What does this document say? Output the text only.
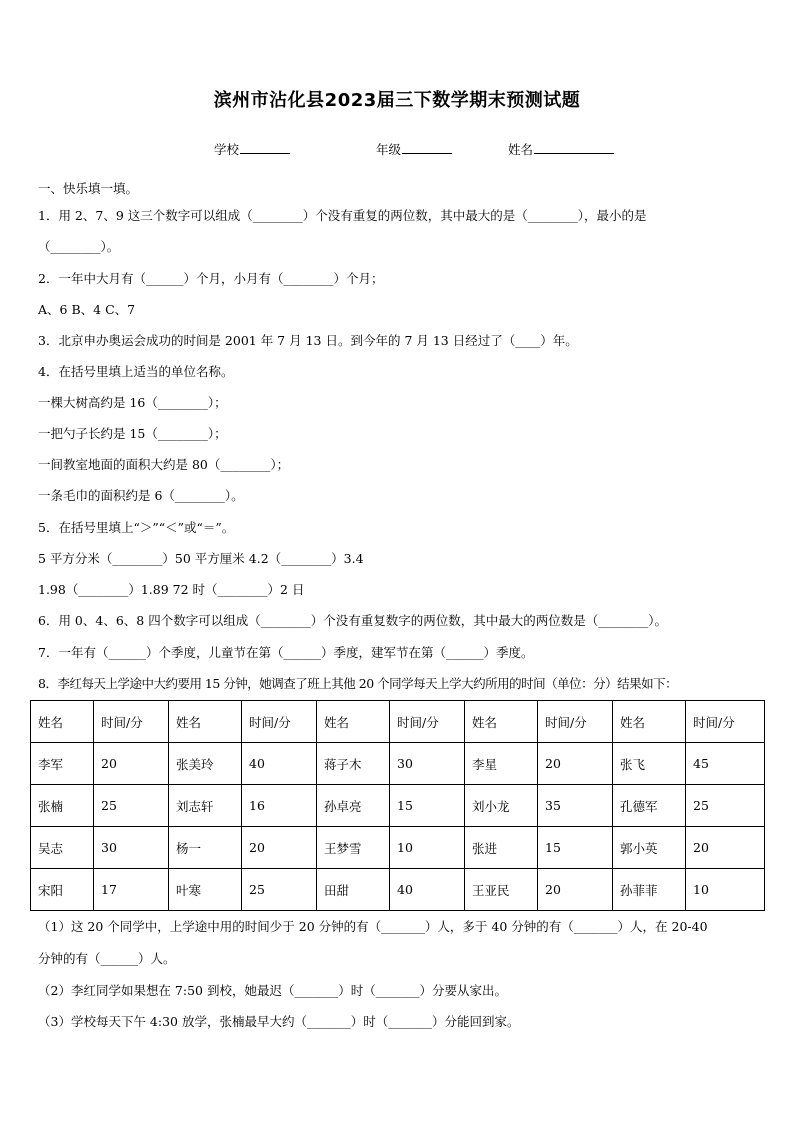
滨州市沾化县2023届三下数学期末预测试题
学校	年级	姓名
一、快乐填一填。
1．用 2、7、9 这三个数字可以组成（________）个没有重复的两位数，其中最大的是（________），最小的是
（________）。
2．一年中大月有（______）个月，小月有（________）个月；
A、6 B、4 C、7
3．北京申办奥运会成功的时间是 2001 年 7 月 13 日。到今年的 7 月 13 日经过了（____）年。
4．在括号里填上适当的单位名称。
一棵大树高约是 16（________）；
一把勺子长约是 15（________）；
一间教室地面的面积大约是 80（________）；
一条毛巾的面积约是 6（________）。
5．在括号里填上“＞”“＜”或“＝”。
5 平方分米（________）50 平方厘米 4.2（________）3.4
1.98（________）1.89 72 时（________）2 日
6．用 0、4、6、8 四个数字可以组成（________）个没有重复数字的两位数，其中最大的两位数是（________）。
7．一年有（______）个季度，儿童节在第（______）季度，建军节在第（______）季度。
8．李红每天上学途中大约要用 15 分钟，她调查了班上其他 20 个同学每天上学大约所用的时间（单位：分）结果如下：
姓名	时间/分	姓名	时间/分	姓名	时间/分	姓名	时间/分	姓名	时间/分
李军	20	张美玲	40	蒋子木	30	李星	20	张飞	45
张楠	25	刘志轩	16	孙卓亮	15	刘小龙	35	孔德军	25
吴志	30	杨一	20	王梦雪	10	张进	15	郭小英	20
宋阳	17	叶寒	25	田甜	40	王亚民	20	孙菲菲	10
（1）这 20 个同学中，上学途中用的时间少于 20 分钟的有（_______）人，多于 40 分钟的有（_______）人，在 20-40
分钟的有（______）人。
（2）李红同学如果想在 7:50 到校，她最迟（_______）时（_______）分要从家出。
（3）学校每天下午 4:30 放学，张楠最早大约（_______）时（_______）分能回到家。
